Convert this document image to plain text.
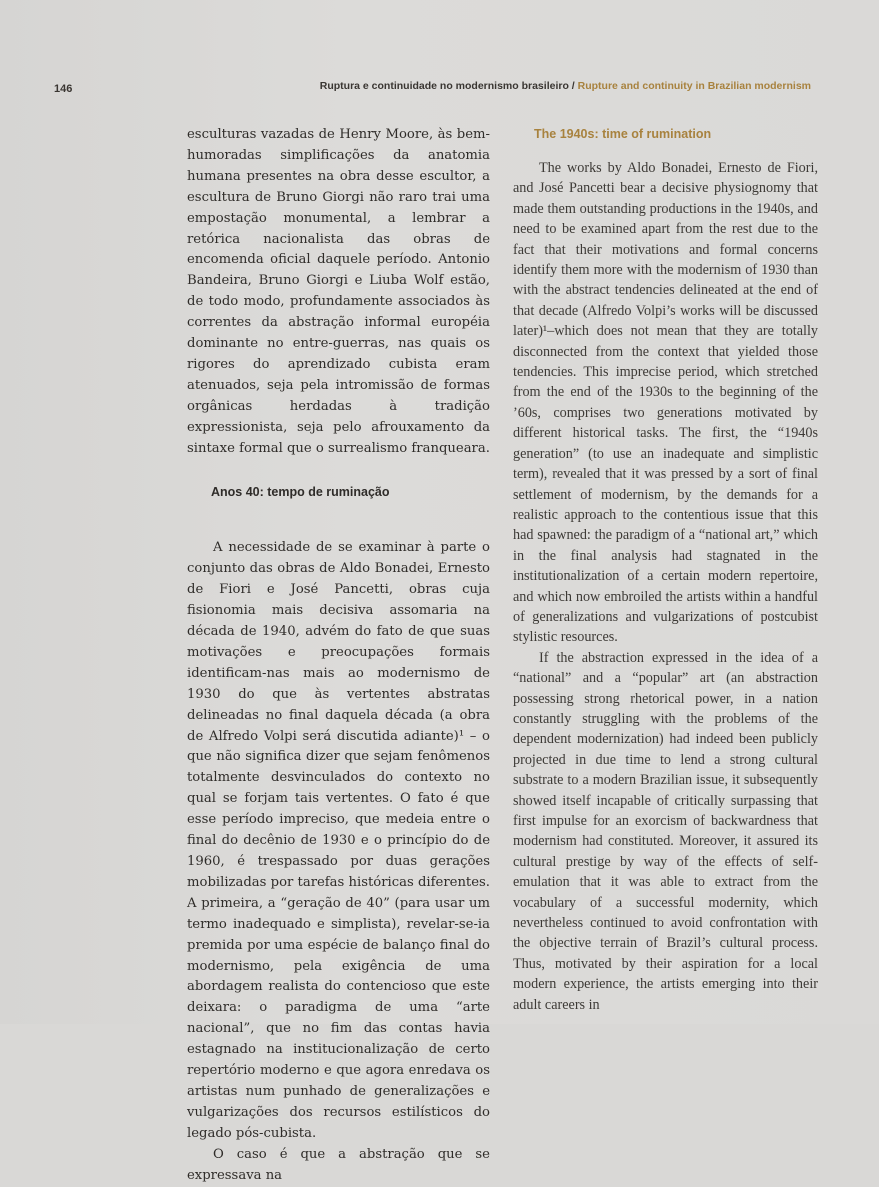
146	Ruptura e continuidade no modernismo brasileiro / Rupture and continuity in Brazilian modernism

esculturas vazadas de Henry Moore, às bem-humoradas simplificações da anatomia humana presentes na obra desse escultor, a escultura de Bruno Giorgi não raro trai uma empostação monumental, a lembrar a retórica nacionalista das obras de encomenda oficial daquele período. Antonio Bandeira, Bruno Giorgi e Liuba Wolf estão, de todo modo, profundamente associados às correntes da abstração informal européia dominante no entre-guerras, nas quais os rigores do aprendizado cubista eram atenuados, seja pela intromissão de formas orgânicas herdadas à tradição expressionista, seja pelo afrouxamento da sintaxe formal que o surrealismo franqueara.

Anos 40: tempo de ruminação

A necessidade de se examinar à parte o conjunto das obras de Aldo Bonadei, Ernesto de Fiori e José Pancetti, obras cuja fisionomia mais decisiva assomaria na década de 1940, advém do fato de que suas motivações e preocupações formais identificam-nas mais ao modernismo de 1930 do que às vertentes abstratas delineadas no final daquela década (a obra de Alfredo Volpi será discutida adiante)¹ – o que não significa dizer que sejam fenômenos totalmente desvinculados do contexto no qual se forjam tais vertentes. O fato é que esse período impreciso, que medeia entre o final do decênio de 1930 e o princípio do de 1960, é trespassado por duas gerações mobilizadas por tarefas históricas diferentes. A primeira, a “geração de 40” (para usar um termo inadequado e simplista), revelar-se-ia premida por uma espécie de balanço final do modernismo, pela exigência de uma abordagem realista do contencioso que este deixara: o paradigma de uma “arte nacional”, que no fim das contas havia estagnado na institucionalização de certo repertório moderno e que agora enredava os artistas num punhado de generalizações e vulgarizações dos recursos estilísticos do legado pós-cubista.

O caso é que a abstração que se expressava na

The 1940s: time of rumination

The works by Aldo Bonadei, Ernesto de Fiori, and José Pancetti bear a decisive physiognomy that made them outstanding productions in the 1940s, and need to be examined apart from the rest due to the fact that their motivations and formal concerns identify them more with the modernism of 1930 than with the abstract tendencies delineated at the end of that decade (Alfredo Volpi’s works will be discussed later)¹–which does not mean that they are totally disconnected from the context that yielded those tendencies. This imprecise period, which stretched from the end of the 1930s to the beginning of the ’60s, comprises two generations motivated by different historical tasks. The first, the “1940s generation” (to use an inadequate and simplistic term), revealed that it was pressed by a sort of final settlement of modernism, by the demands for a realistic approach to the contentious issue that this had spawned: the paradigm of a “national art,” which in the final analysis had stagnated in the institutionalization of a certain modern repertoire, and which now embroiled the artists within a handful of generalizations and vulgarizations of postcubist stylistic resources.

If the abstraction expressed in the idea of a “national” and a “popular” art (an abstraction possessing strong rhetorical power, in a nation constantly struggling with the problems of the dependent modernization) had indeed been publicly projected in due time to lend a strong cultural substrate to a modern Brazilian issue, it subsequently showed itself incapable of critically surpassing that first impulse for an exorcism of backwardness that modernism had constituted. Moreover, it assured its cultural prestige by way of the effects of self-emulation that it was able to extract from the vocabulary of a successful modernity, which nevertheless continued to avoid confrontation with the objective terrain of Brazil’s cultural process. Thus, motivated by their aspiration for a local modern experience, the artists emerging into their adult careers in
